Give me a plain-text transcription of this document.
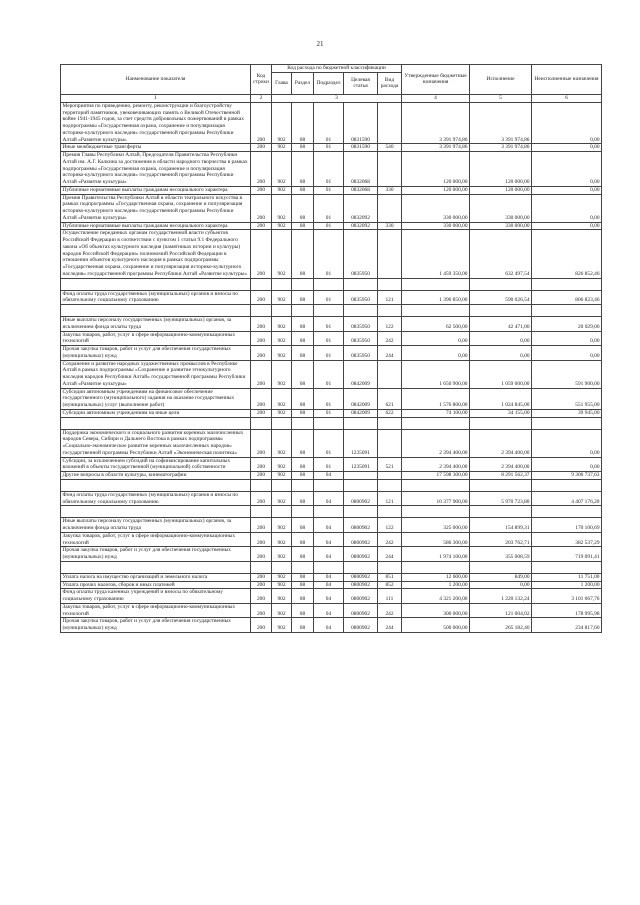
21
Наименование показателя	Код строки	Код расхода по бюджетной классификации					Утвержденные бюджетные назначения	Исполнение	Неисполненные назначения
		Глава	Раздел	Подраздел	Целевая статья	Вид расхода			
1	2	3					4	5	6
Мероприятия по приведению, ремонту, реконструкции и благоустройству территорий памятников, увековечивающих память о Великой Отечественной войне 1941-1945 годов, за счет средств добровольных пожертвований в рамках подпрограммы «Государственная охрана, сохранение и популяризация историко-культурного наследия» государственной программы Республики Алтай «Развитие культуры»	200	902	08	01	0831590		3 391 974,86	3 391 974,86	0,00
Иные межбюджетные трансферты	200	902	08	01	0831590	540	3 391 974,86	3 391 974,86	0,00
Премия Главы Республики Алтай, Председателя Правительства Республики Алтай им. А.Г. Калкина за достижения в области народного творчества в рамках подпрограммы «Государственная охрана, сохранение и популяризация историко-культурного наследия» государственной программы Республики Алтай «Развитие культуры»	200	902	08	01	0832068		120 000,00	120 000,00	0,00
Публичные нормативные выплаты гражданам несоциального характера	200	902	08	01	0832068	330	120 000,00	120 000,00	0,00
Премия Правительства Республики Алтай в области театрального искусства в рамках подпрограммы «Государственная охрана, сохранение и популяризация историко-культурного наследия» государственной программы Республики Алтай «Развитие культуры»	200	902	08	01	0832092		330 000,00	330 000,00	0,00
Публичные нормативные выплаты гражданам несоциального характера	200	902	08	01	0832092	330	330 000,00	330 000,00	0,00
Осуществление переданных органам государственной власти субъектов Российской Федерации в соответствии с пунктом 1 статьи 9.1 Федерального закона «Об объектах культурного наследия (памятниках истории и культуры) народов Российской Федерации» полномочий Российской Федерации в отношении объектов культурного наследия в рамках подпрограммы «Государственная охрана, сохранение и популяризация историко-культурного наследия» государственной программы Республики Алтай «Развитие культуры»	200	902	08	01	0835950		1 459 350,00	632 497,54	826 852,46

Фонд оплаты труда государственных (муниципальных) органов и взносы по обязательному социальному страхованию	200	902	08	01	0835950	121	1 396 850,00	590 026,54	806 823,46

Иные выплаты персоналу государственных (муниципальных) органов, за исключением фонда оплаты труда	200	902	08	01	0835950	122	62 500,00	42 471,00	20 029,00
Закупка товаров, работ, услуг в сфере информационно-коммуникационных технологий	200	902	08	01	0835950	242	0,00	0,00	0,00
Прочая закупка товаров, работ и услуг для обеспечения государственных (муниципальных) нужд	200	902	08	01	0835950	244	0,00	0,00	0,00
Сохранение и развитие народных художественных промыслов в Республике Алтай в рамках подпрограммы «Сохранение и развитие этнокультурного наследия народов Республики Алтай» государственной программы Республики Алтай «Развитие культуры»	200	902	08	01	0842009		1 650 900,00	1 059 000,00	591 900,00
Субсидии автономным учреждениям на финансовое обеспечение государственного (муниципального) задания на оказание государственных (муниципальных) услуг (выполнение работ)	200	902	08	01	0842009	621	1 576 800,00	1 024 845,00	551 955,00
Субсидии автономным учреждениям на иные цели	200	902	08	01	0842009	622	74 100,00	34 155,00	39 945,00

Поддержка экономического и социального развития коренных малочисленных народов Севера, Сибири и Дальнего Востока в рамках подпрограммы «Социально-экономическое развитие коренных малочисленных народов» государственной программы Республики Алтай «Экономическая политика»	200	902	08	01	1235091		2 394 400,00	2 394 400,00	0,00
Субсидии, за исключением субсидий на софинансирование капитальных вложений в объекты государственной (муниципальной) собственности	200	902	08	01	1235091	521	2 394 400,00	2 394 400,00	0,00
Другие вопросы в области культуры, кинематографии	200	902	08	04			17 598 300,00	8 291 562,37	9 306 737,63

Фонд оплаты труда государственных (муниципальных) органов и взносы по обязательному социальному страхованию	200	902	08	04	0800902	121	10 377 900,00	5 970 723,80	4 407 176,20

Иные выплаты персоналу государственных (муниципальных) органов, за исключением фонда оплаты труда	200	902	08	04	0800902	122	325 000,00	154 899,31	170 100,69
Закупка товаров, работ, услуг в сфере информационно-коммуникационных технологий	200	902	08	04	0800902	242	586 300,00	203 762,71	382 537,29
Прочая закупка товаров, работ и услуг для обеспечения государственных (муниципальных) нужд	200	902	08	04	0800902	244	1 974 100,00	355 008,59	719 091,41

Уплата налога на имущество организаций и земельного налога	200	902	08	04	0800902	851	12 600,00	849,00	11 751,00
Уплата прочих налогов, сборов и иных платежей	200	902	08	04	0800902	852	1 200,00	0,00	1 200,00
Фонд оплаты труда казенных учреждений и взносы по обязательному социальному страхованию	200	902	08	04	0800902	111	4 321 200,00	1 220 132,24	3 101 067,76
Закупка товаров, работ, услуг в сфере информационно-коммуникационных технологий	200	902	08	04	0800902	242	300 000,00	121 004,02	178 995,98
Прочая закупка товаров, работ и услуг для обеспечения государственных (муниципальных) нужд	200	902	08	04	0800902	244	500 000,00	265 182,40	234 817,60
